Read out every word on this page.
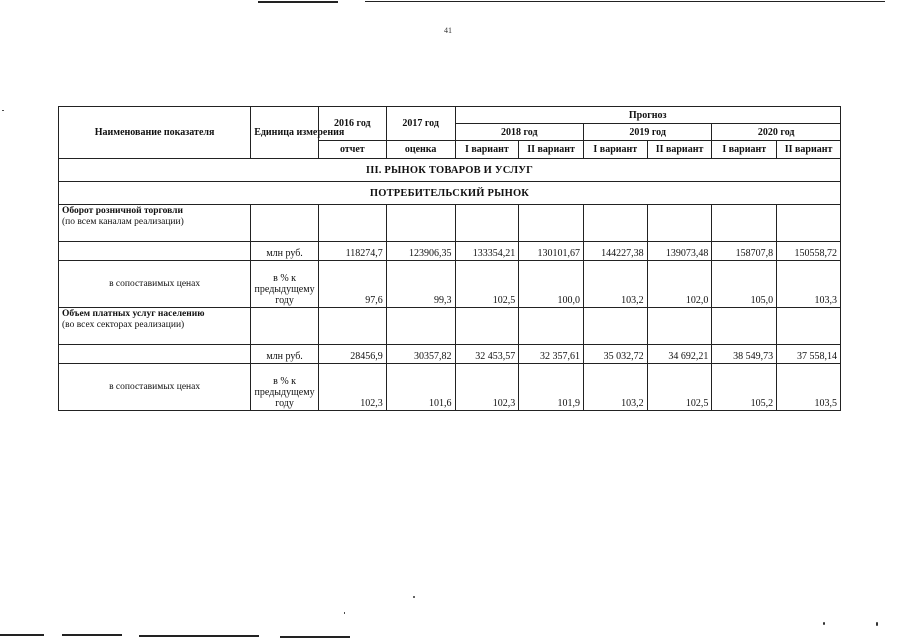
41
Наименование показателя	Единица измерения	2016 год	2017 год	Прогноз					
				2018 год		2019 год		2020 год	
		отчет	оценка	I вариант	II вариант	I вариант	II вариант	I вариант	II вариант
III. РЫНОК ТОВАРОВ И УСЛУГ									
ПОТРЕБИТЕЛЬСКИЙ РЫНОК									
Оборот розничной торговли
(по всем каналам реализации)									
	млн руб.	118274,7	123906,35	133354,21	130101,67	144227,38	139073,48	158707,8	150558,72
в сопоставимых ценах	в % к предыдущему году	97,6	99,3	102,5	100,0	103,2	102,0	105,0	103,3
Объем платных услуг населению
(во всех секторах реализации)									
	млн руб.	28456,9	30357,82	32 453,57	32 357,61	35 032,72	34 692,21	38 549,73	37 558,14
в сопоставимых ценах	в % к предыдущему году	102,3	101,6	102,3	101,9	103,2	102,5	105,2	103,5
